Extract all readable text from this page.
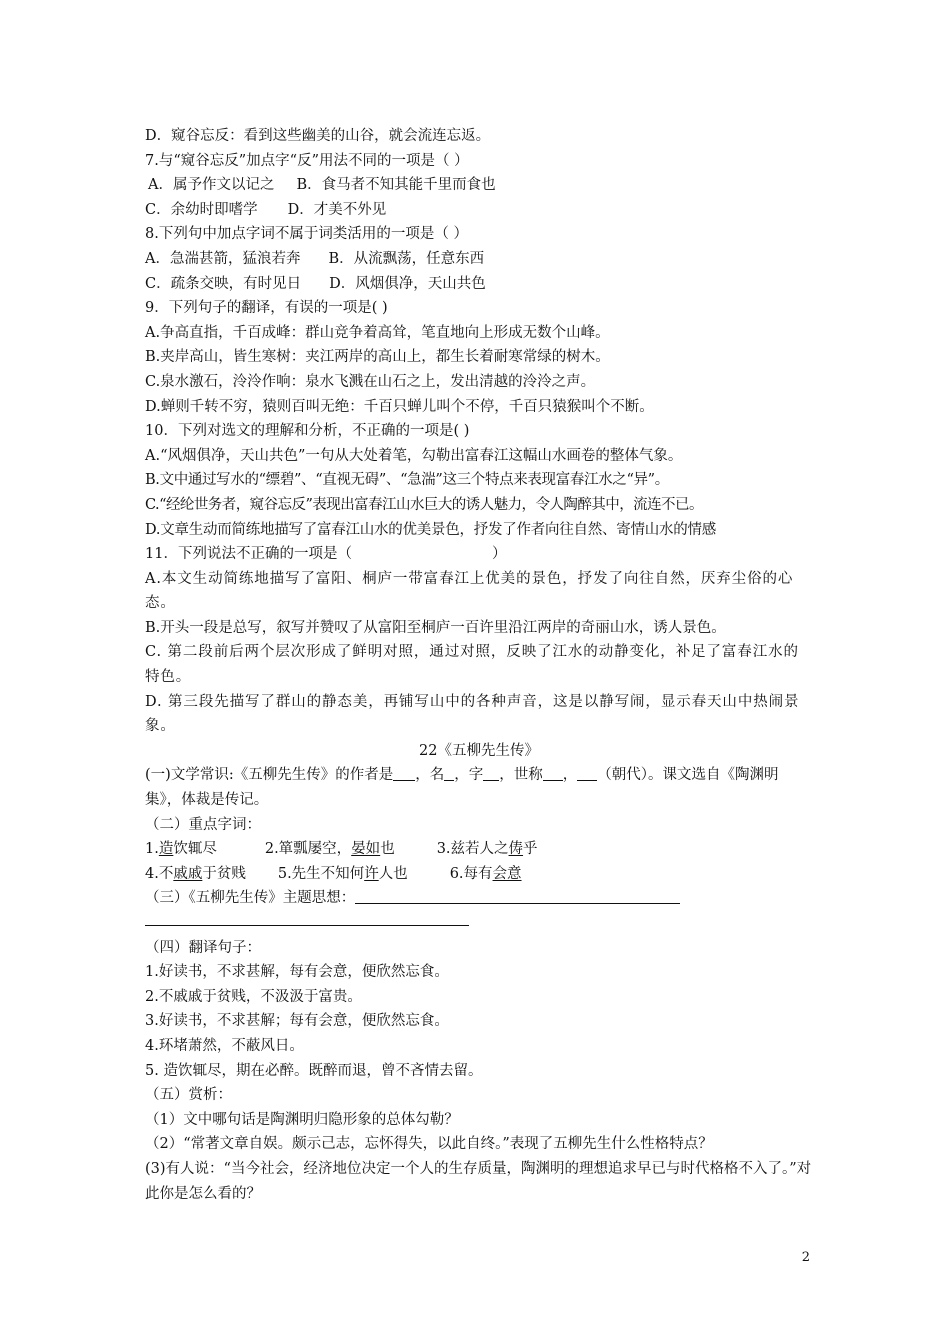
D．窥谷忘反：看到这些幽美的山谷，就会流连忘返。
7.与“窥谷忘反”加点字“反”用法不同的一项是（ ）
A．属予作文以记之 B．食马者不知其能千里而食也
C．余幼时即嗜学 D．才美不外见
8.下列句中加点字词不属于词类活用的一项是（ ）
A．急湍甚箭，猛浪若奔 B．从流飘荡，任意东西
C．疏条交映，有时见日 D．风烟俱净，天山共色
9．下列句子的翻译，有误的一项是( )
A.争高直指，千百成峰：群山竞争着高耸，笔直地向上形成无数个山峰。
B.夹岸高山，皆生寒树：夹江两岸的高山上，都生长着耐寒常绿的树木。
C.泉水激石，泠泠作响：泉水飞溅在山石之上，发出清越的泠泠之声。
D.蝉则千转不穷，猿则百叫无绝：千百只蝉儿叫个不停，千百只猿猴叫个不断。
10．下列对选文的理解和分析，不正确的一项是( )
A.“风烟俱净，天山共色”一句从大处着笔，勾勒出富春江这幅山水画卷的整体气象。
B.文中通过写水的“缥碧”、“直视无碍”、“急湍”这三个特点来表现富春江水之“异”。
C.“经纶世务者，窥谷忘反”表现出富春江山水巨大的诱人魅力，令人陶醉其中，流连不已。
D.文章生动而简练地描写了富春江山水的优美景色，抒发了作者向往自然、寄情山水的情感
11．下列说法不正确的一项是（	）
A.本文生动简练地描写了富阳、桐庐一带富春江上优美的景色，抒发了向往自然，厌弃尘俗的心态。
B.开头一段是总写，叙写并赞叹了从富阳至桐庐一百许里沿江两岸的奇丽山水，诱人景色。
C. 第二段前后两个层次形成了鲜明对照，通过对照，反映了江水的动静变化，补足了富春江水的特色。
D. 第三段先描写了群山的静态美，再铺写山中的各种声音，这是以静写闹，显示春天山中热闹景象。
22《五柳先生传》
(一)文学常识:《五柳先生传》的作者是 ，名 ，字 ，世称 ， （朝代）。课文选自《陶渊明集》，体裁是传记。
（二）重点字词：
1.造饮辄尽	2.箪瓢屡空，晏如也	3.兹若人之俦乎
4.不戚戚于贫贱 5.先生不知何许人也	6.每有会意
（三）《五柳先生传》主题思想：
（四）翻译句子：
1.好读书，不求甚解，每有会意，便欣然忘食。
2.不戚戚于贫贱，不汲汲于富贵。
3.好读书，不求甚解；每有会意，便欣然忘食。
4.环堵萧然，不蔽风日。
5. 造饮辄尽，期在必醉。既醉而退，曾不吝情去留。
（五）赏析：
（1）文中哪句话是陶渊明归隐形象的总体勾勒？
（2）“常著文章自娱。颇示己志，忘怀得失，以此自终。”表现了五柳先生什么性格特点？
(3)有人说：“当今社会，经济地位决定一个人的生存质量，陶渊明的理想追求早已与时代格格不入了。”对此你是怎么看的？
2
